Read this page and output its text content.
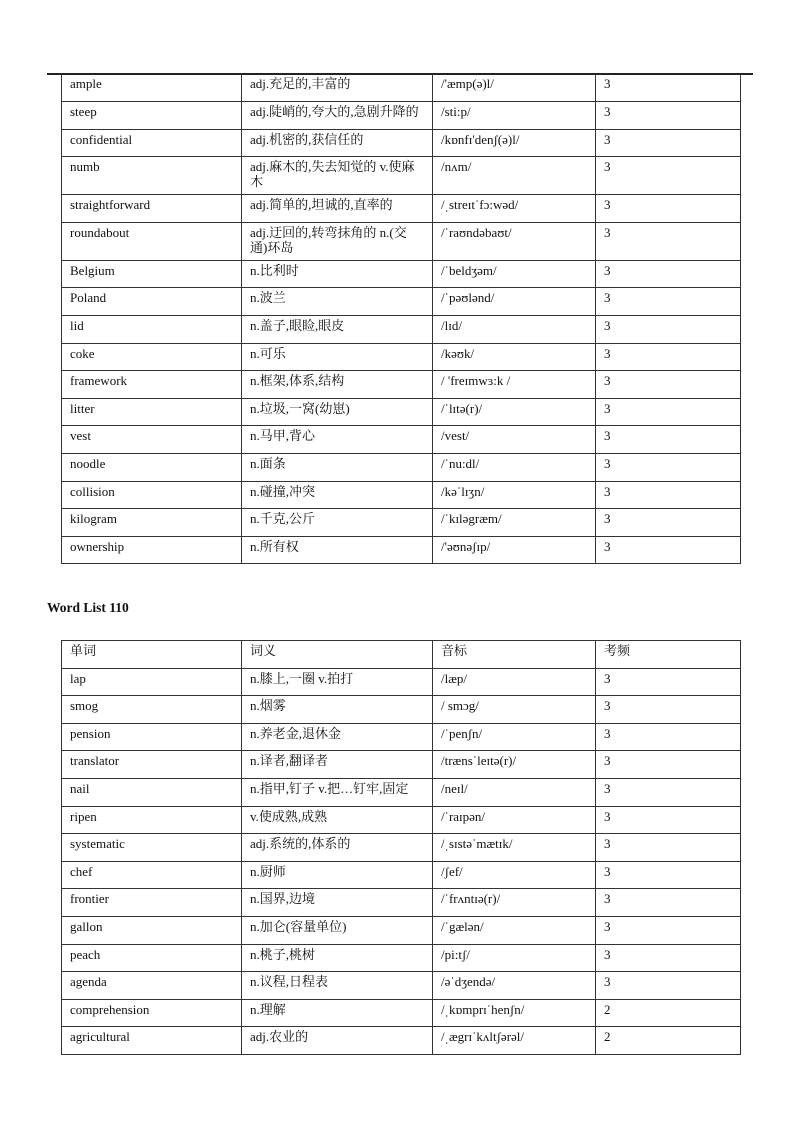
ample	adj.充足的,丰富的	/'æmp(ə)l/	3
steep	adj.陡峭的,夸大的,急剧升降的	/sti:p/	3
confidential	adj.机密的,获信任的	/kɒnfɪ'denʃ(ə)l/	3
numb	adj.麻木的,失去知觉的 v.使麻木	/nʌm/	3
straightforward	adj.简单的,坦诚的,直率的	/ˌstreɪtˈfɔ:wəd/	3
roundabout	adj.迂回的,转弯抹角的 n.(交通)环岛	/ˈraʊndəbaʊt/	3
Belgium	n.比利时	/ˈbeldʒəm/	3
Poland	n.波兰	/ˈpəʊlənd/	3
lid	n.盖子,眼睑,眼皮	/lɪd/	3
coke	n.可乐	/kəʊk/	3
framework	n.框架,体系,结构	/ 'freɪmwɜ:k /	3
litter	n.垃圾,一窝(幼崽)	/ˈlɪtə(r)/	3
vest	n.马甲,背心	/vest/	3
noodle	n.面条	/ˈnu:dl/	3
collision	n.碰撞,冲突	/kəˈlɪʒn/	3
kilogram	n.千克,公斤	/ˈkɪləgræm/	3
ownership	n.所有权	/'əʊnəʃɪp/	3
Word List 110
单词	词义	音标	考频
lap	n.膝上,一圈 v.拍打	/læp/	3
smog	n.烟雾	/ smɔg/	3
pension	n.养老金,退休金	/ˈpenʃn/	3
translator	n.译者,翻译者	/trænsˈleɪtə(r)/	3
nail	n.指甲,钉子 v.把…钉牢,固定	/neɪl/	3
ripen	v.使成熟,成熟	/ˈraɪpən/	3
systematic	adj.系统的,体系的	/ˌsɪstəˈmætɪk/	3
chef	n.厨师	/ʃef/	3
frontier	n.国界,边境	/ˈfrʌntɪə(r)/	3
gallon	n.加仑(容量单位)	/ˈgælən/	3
peach	n.桃子,桃树	/pi:tʃ/	3
agenda	n.议程,日程表	/əˈdʒendə/	3
comprehension	n.理解	/ˌkɒmprɪˈhenʃn/	2
agricultural	adj.农业的	/ˌægrɪˈkʌltʃərəl/	2
